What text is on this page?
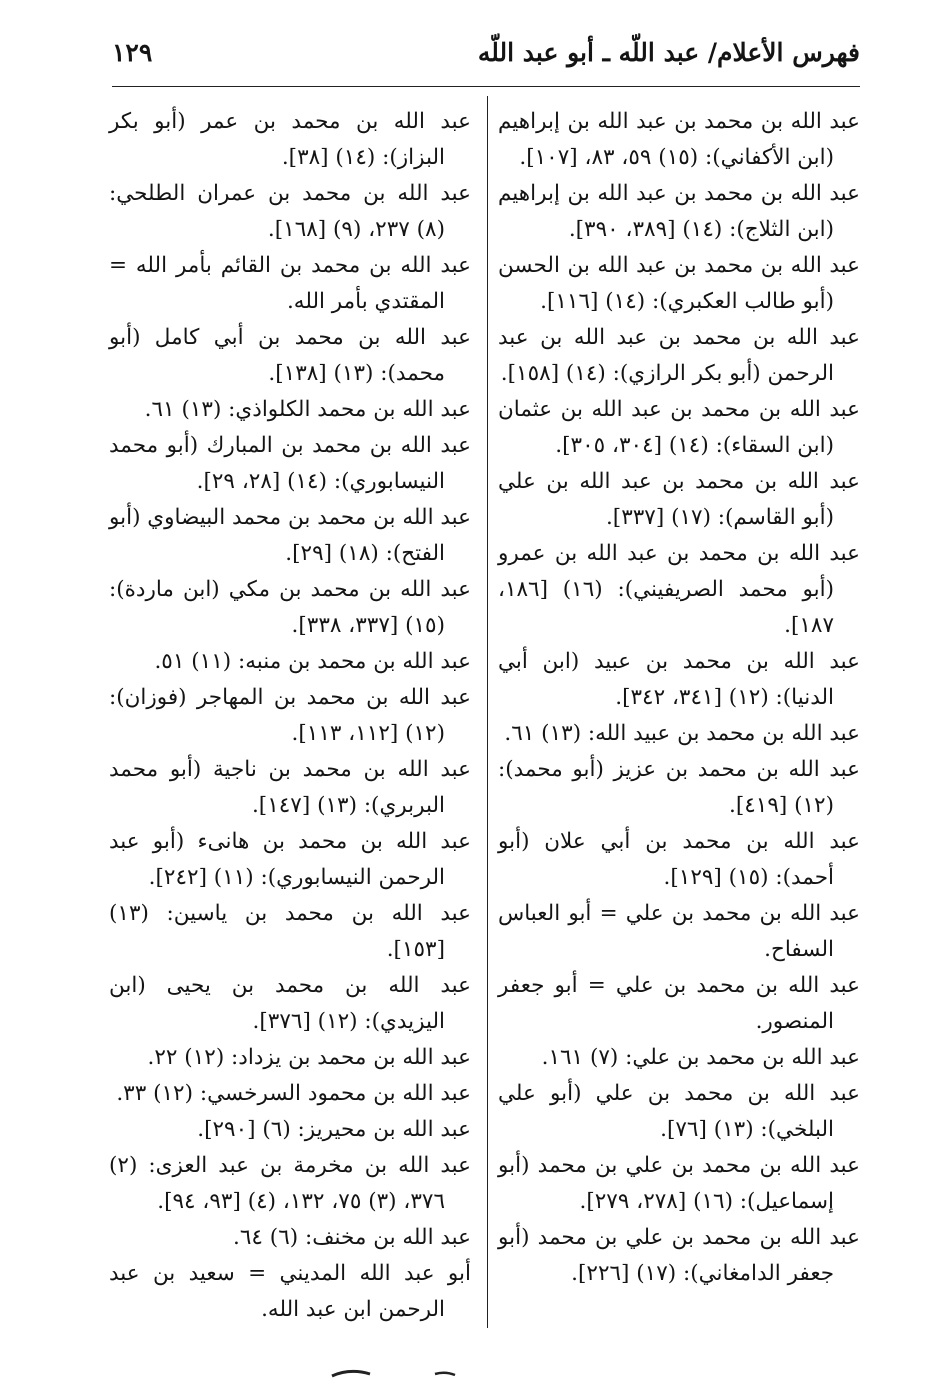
فهرس الأعلام/ عبد اللّه ـ أبو عبد اللّه
١٢٩

عبد الله بن محمد بن عبد الله بن إبراهيم (ابن الأكفاني): (١٥) ٥٩، ٨٣، [١٠٧].

عبد الله بن محمد بن عبد الله بن إبراهيم (ابن الثلاج): (١٤) [٣٨٩، ٣٩٠].

عبد الله بن محمد بن عبد الله بن الحسن (أبو طالب العكبري): (١٤) [١١٦].

عبد الله بن محمد بن عبد الله بن عبد الرحمن (أبو بكر الرازي): (١٤) [١٥٨].

عبد الله بن محمد بن عبد الله بن عثمان (ابن السقاء): (١٤) [٣٠٤، ٣٠٥].

عبد الله بن محمد بن عبد الله بن علي (أبو القاسم): (١٧) [٣٣٧].

عبد الله بن محمد بن عبد الله بن عمرو (أبو محمد الصريفيني): (١٦) [١٨٦، ١٨٧].

عبد الله بن محمد بن عبيد (ابن أبي الدنيا): (١٢) [٣٤١، ٣٤٢].

عبد الله بن محمد بن عبيد الله: (١٣) ٦١.

عبد الله بن محمد بن عزيز (أبو محمد): (١٢) [٤١٩].

عبد الله بن محمد بن أبي علان (أبو أحمد): (١٥) [١٢٩].

عبد الله بن محمد بن علي = أبو العباس السفاح.

عبد الله بن محمد بن علي = أبو جعفر المنصور.

عبد الله بن محمد بن علي: (٧) ١٦١.

عبد الله بن محمد بن علي (أبو علي البلخي): (١٣) [٧٦].

عبد الله بن محمد بن علي بن محمد (أبو إسماعيل): (١٦) [٢٧٨، ٢٧٩].

عبد الله بن محمد بن علي بن محمد (أبو جعفر الدامغاني): (١٧) [٢٢٦].

عبد الله بن محمد بن عمر (أبو بكر البزاز): (١٤) [٣٨].

عبد الله بن محمد بن عمران الطلحي: (٨) ٢٣٧، (٩) [١٦٨].

عبد الله بن محمد بن القائم بأمر الله = المقتدي بأمر الله.

عبد الله بن محمد بن أبي كامل (أبو محمد): (١٣) [١٣٨].

عبد الله بن محمد الكلواذي: (١٣) ٦١.

عبد الله بن محمد بن المبارك (أبو محمد النيسابوري): (١٤) [٢٨، ٢٩].

عبد الله بن محمد بن محمد البيضاوي (أبو الفتح): (١٨) [٢٩].

عبد الله بن محمد بن مكي (ابن ماردة): (١٥) [٣٣٧، ٣٣٨].

عبد الله بن محمد بن منبه: (١١) ٥١.

عبد الله بن محمد بن المهاجر (فوزان): (١٢) [١١٢، ١١٣].

عبد الله بن محمد بن ناجية (أبو محمد البربري): (١٣) [١٤٧].

عبد الله بن محمد بن هانىء (أبو عبد الرحمن النيسابوري): (١١) [٢٤٢].

عبد الله بن محمد بن ياسين: (١٣) [١٥٣].

عبد الله بن محمد بن يحيى (ابن اليزيدي): (١٢) [٣٧٦].

عبد الله بن محمد بن يزداد: (١٢) ٢٢.

عبد الله بن محمود السرخسي: (١٢) ٣٣.

عبد الله بن محيريز: (٦) [٢٩٠].

عبد الله بن مخرمة بن عبد العزى: (٢) ٣٧٦، (٣) ٧٥، ١٣٢، (٤) [٩٣، ٩٤].

عبد الله بن مخنف: (٦) ٦٤.

أبو عبد الله المديني = سعيد بن عبد الرحمن ابن عبد الله.
